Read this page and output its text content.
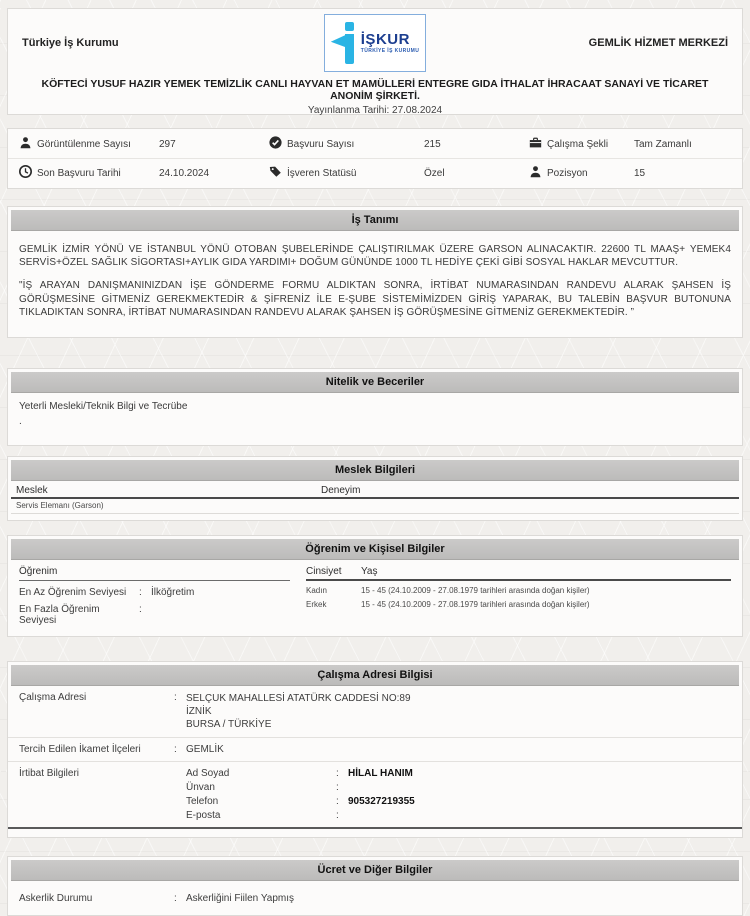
Türkiye İş Kurumu	İŞKUR
TÜRKİYE İŞ KURUMU
GEMLİK HİZMET MERKEZİ
KÖFTECİ YUSUF HAZIR YEMEK TEMİZLİK CANLI HAYVAN ET MAMÜLLERİ ENTEGRE GIDA İTHALAT İHRACAAT SANAYİ VE TİCARET ANONİM ŞİRKETİ.
Yayınlanma Tarihi: 27.08.2024
Görüntülenme Sayısı	297	Başvuru Sayısı	215	Çalışma Şekli	Tam Zamanlı
Son Başvuru Tarihi	24.10.2024	İşveren Statüsü	Özel	Pozisyon	15
İş Tanımı

GEMLİK İZMİR YÖNÜ VE İSTANBUL YÖNÜ OTOBAN ŞUBELERİNDE ÇALIŞTIRILMAK ÜZERE GARSON ALINACAKTIR. 22600 TL MAAŞ+ YEMEK4 SERVİS+ÖZEL SAĞLIK SİGORTASI+AYLIK GIDA YARDIMI+ DOĞUM GÜNÜNDE 1000 TL HEDİYE ÇEKİ GİBİ SOSYAL HAKLAR MEVCUTTUR.

"İŞ ARAYAN DANIŞMANINIZDAN İŞE GÖNDERME FORMU ALDIKTAN SONRA, İRTİBAT NUMARASINDAN RANDEVU ALARAK ŞAHSEN İŞ GÖRÜŞMESİNE GİTMENİZ GEREKMEKTEDİR & ŞİFRENİZ İLE E-ŞUBE SİSTEMİMİZDEN GİRİŞ YAPARAK, BU TALEBİN BAŞVUR BUTONUNA TIKLADIKTAN SONRA, İRTİBAT NUMARASINDAN RANDEVU ALARAK ŞAHSEN İŞ GÖRÜŞMESİNE GİTMENİZ GEREKMEKTEDİR. ”

Nitelik ve Beceriler
Yeterli Mesleki/Teknik Bilgi ve Tecrübe
.
Meslek Bilgileri
Meslek	Deneyim
Servis Elemanı (Garson)
Öğrenim ve Kişisel Bilgiler
Öğrenim
En Az Öğrenim Seviyesi	: İlköğretim
En Fazla Öğrenim Seviyesi
:
Cinsiyet	Yaş
Kadın	15 - 45 (24.10.2009 - 27.08.1979 tarihleri arasında doğan kişiler)
Erkek	15 - 45 (24.10.2009 - 27.08.1979 tarihleri arasında doğan kişiler)
Çalışma Adresi Bilgisi
Çalışma Adresi	: SELÇUK MAHALLESİ ATATÜRK CADDESİ NO:89
İZNİK
BURSA / TÜRKİYE
Tercih Edilen İkamet İlçeleri	: GEMLİK
İrtibat Bilgileri	Ad Soyad	: HİLAL HANIM
Ünvan	:
Telefon	: 905327219355
E-posta	:
Ücret ve Diğer Bilgiler
Askerlik Durumu	: Askerliğini Fiilen Yapmış
